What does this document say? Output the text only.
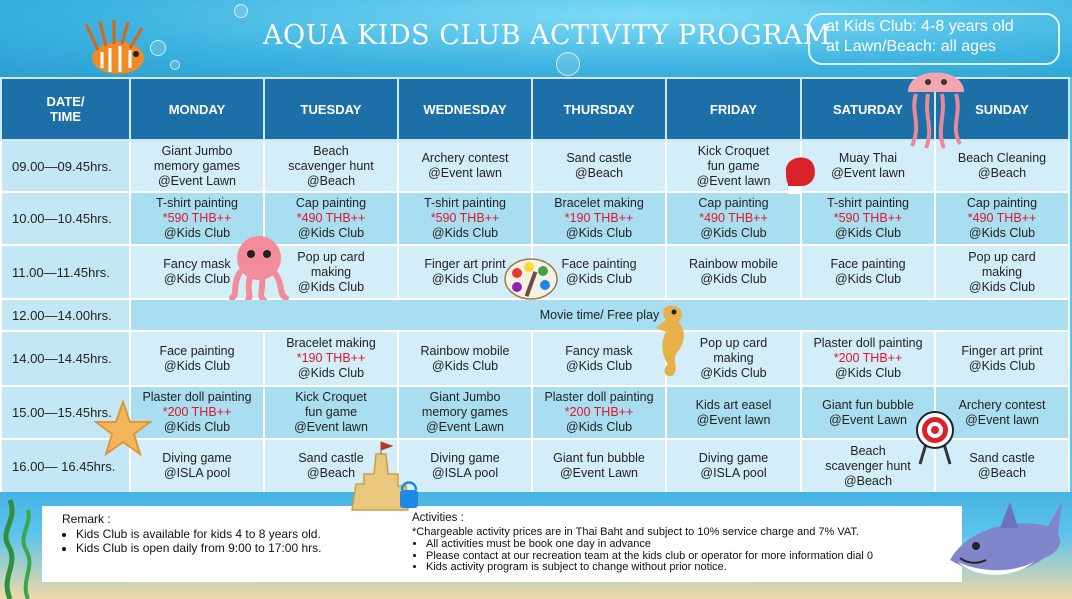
AQUA KIDS CLUB ACTIVITY PROGRAM
at Kids Club: 4-8 years old
at Lawn/Beach: all ages
DATE/
TIME	MONDAY	TUESDAY	WEDNESDAY	THURSDAY	FRIDAY	SATURDAY	SUNDAY
09.00—09.45hrs.	Giant Jumbo
memory games
@Event Lawn	Beach
scavenger hunt
@Beach	Archery contest
@Event lawn	Sand castle
@Beach	Kick Croquet
fun game
@Event lawn	Muay Thai
@Event lawn	Beach Cleaning
@Beach

10.00—10.45hrs.	T-shirt painting
*590 THB++
@Kids Club	Cap painting
*490 THB++
@Kids Club	T-shirt painting
*590 THB++
@Kids Club	Bracelet making
*190 THB++
@Kids Club	Cap painting
*490 THB++
@Kids Club	T-shirt painting
*590 THB++
@Kids Club	Cap painting
*490 THB++
@Kids Club

11.00—11.45hrs.	Fancy mask
@Kids Club	Pop up card
making
@Kids Club	Finger art print
@Kids Club	Face painting
@Kids Club	Rainbow mobile
@Kids Club	Face painting
@Kids Club	Pop up card
making
@Kids Club

12.00—14.00hrs.	Movie time/ Free play						
14.00—14.45hrs.	Face painting
@Kids Club	Bracelet making
*190 THB++
@Kids Club	Rainbow mobile
@Kids Club	Fancy mask
@Kids Club	Pop up card
making
@Kids Club	Plaster doll painting
*200 THB++
@Kids Club	Finger art print
@Kids Club

15.00—15.45hrs.	Plaster doll painting
*200 THB++
@Kids Club	Kick Croquet
fun game
@Event lawn	Giant Jumbo
memory games
@Event Lawn	Plaster doll painting
*200 THB++
@Kids Club	Kids art easel
@Event lawn	Giant fun bubble
@Event Lawn	Archery contest
@Event lawn

16.00— 16.45hrs.	Diving game
@ISLA pool	Sand castle
@Beach	Diving game
@ISLA pool	Giant fun bubble
@Event Lawn	Diving game
@ISLA pool	Beach
scavenger hunt
@Beach	Sand castle
@Beach
Remark :
• Kids Club is available for kids 4 to 8 years old.
• Kids Club is open daily from 9:00 to 17:00 hrs.
Activities :
*Chargeable activity prices are in Thai Baht and subject to 10% service charge and 7% VAT.
• All activities must be book one day in advance
• Please contact at our recreation team at the kids club or operator for more information dial 0
• Kids activity program is subject to change without prior notice.
